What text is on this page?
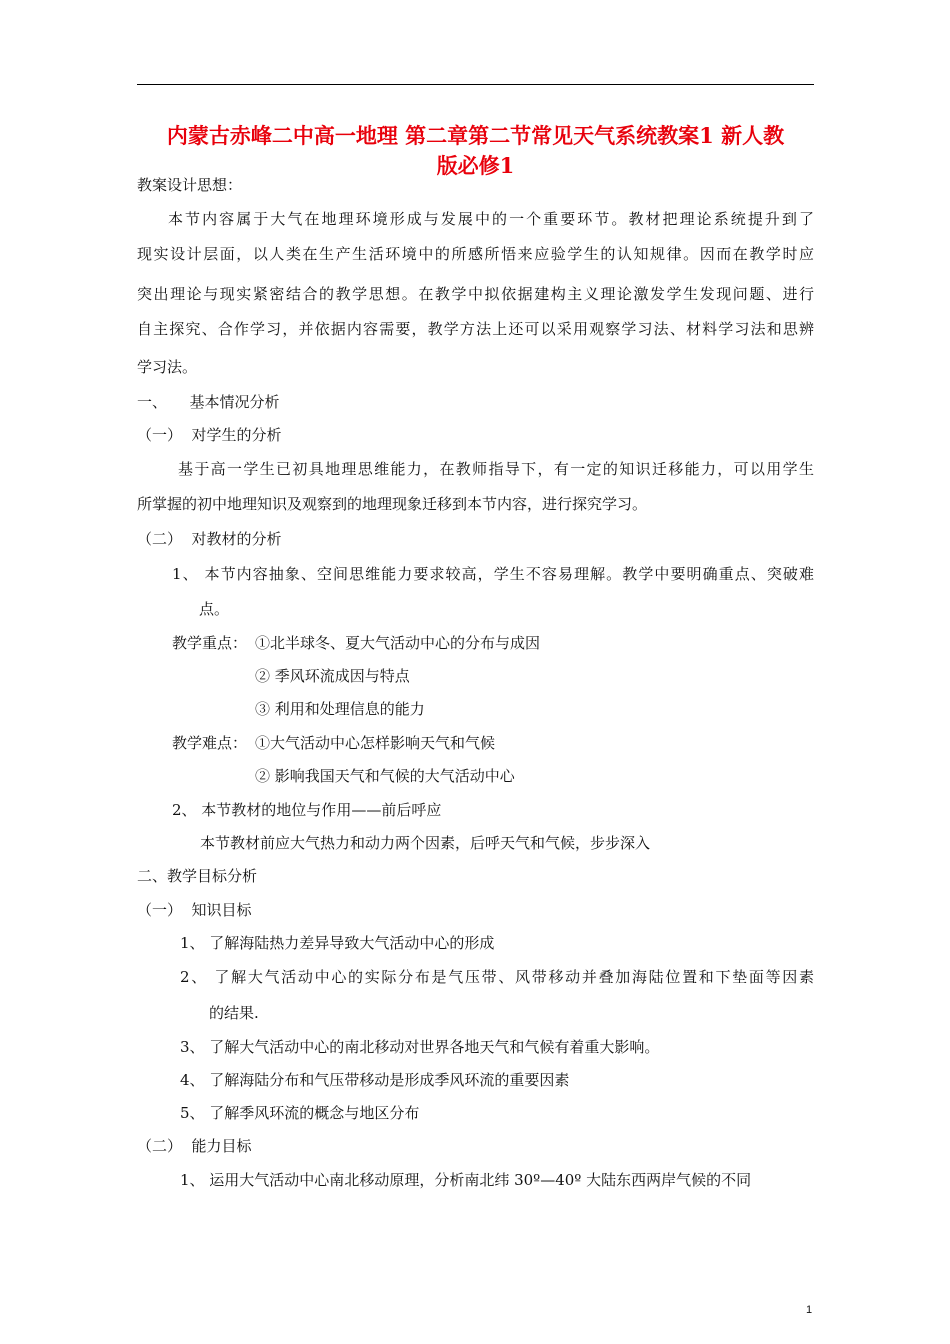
内蒙古赤峰二中高一地理 第二章第二节常见天气系统教案1 新人教
版必修1

教案设计思想：

本节内容属于大气在地理环境形成与发展中的一个重要环节。教材把理论系统提升到了

现实设计层面，以人类在生产生活环境中的所感所悟来应验学生的认知规律。因而在教学时应

突出理论与现实紧密结合的教学思想。在教学中拟依据建构主义理论激发学生发现问题、进行

自主探究、合作学习，并依据内容需要，教学方法上还可以采用观察学习法、材料学习法和思辨

学习法。

一、　　基本情况分析

（一）  对学生的分析

基于高一学生已初具地理思维能力，在教师指导下，有一定的知识迁移能力，可以用学生

所掌握的初中地理知识及观察到的地理现象迁移到本节内容，进行探究学习。

（二）  对教材的分析

1、 本节内容抽象、空间思维能力要求较高，学生不容易理解。教学中要明确重点、突破难

点。

教学重点： ①北半球冬、夏大气活动中心的分布与成因

② 季风环流成因与特点

③ 利用和处理信息的能力

教学难点： ①大气活动中心怎样影响天气和气候

② 影响我国天气和气候的大气活动中心

2、 本节教材的地位与作用——前后呼应

本节教材前应大气热力和动力两个因素，后呼天气和气候，步步深入

二、教学目标分析

（一）  知识目标

1、 了解海陆热力差异导致大气活动中心的形成

2、 了解大气活动中心的实际分布是气压带、风带移动并叠加海陆位置和下垫面等因素

的结果.

3、 了解大气活动中心的南北移动对世界各地天气和气候有着重大影响。

4、 了解海陆分布和气压带移动是形成季风环流的重要因素

5、 了解季风环流的概念与地区分布

（二）  能力目标

1、 运用大气活动中心南北移动原理，分析南北纬 30º—40º 大陆东西两岸气候的不同

1
